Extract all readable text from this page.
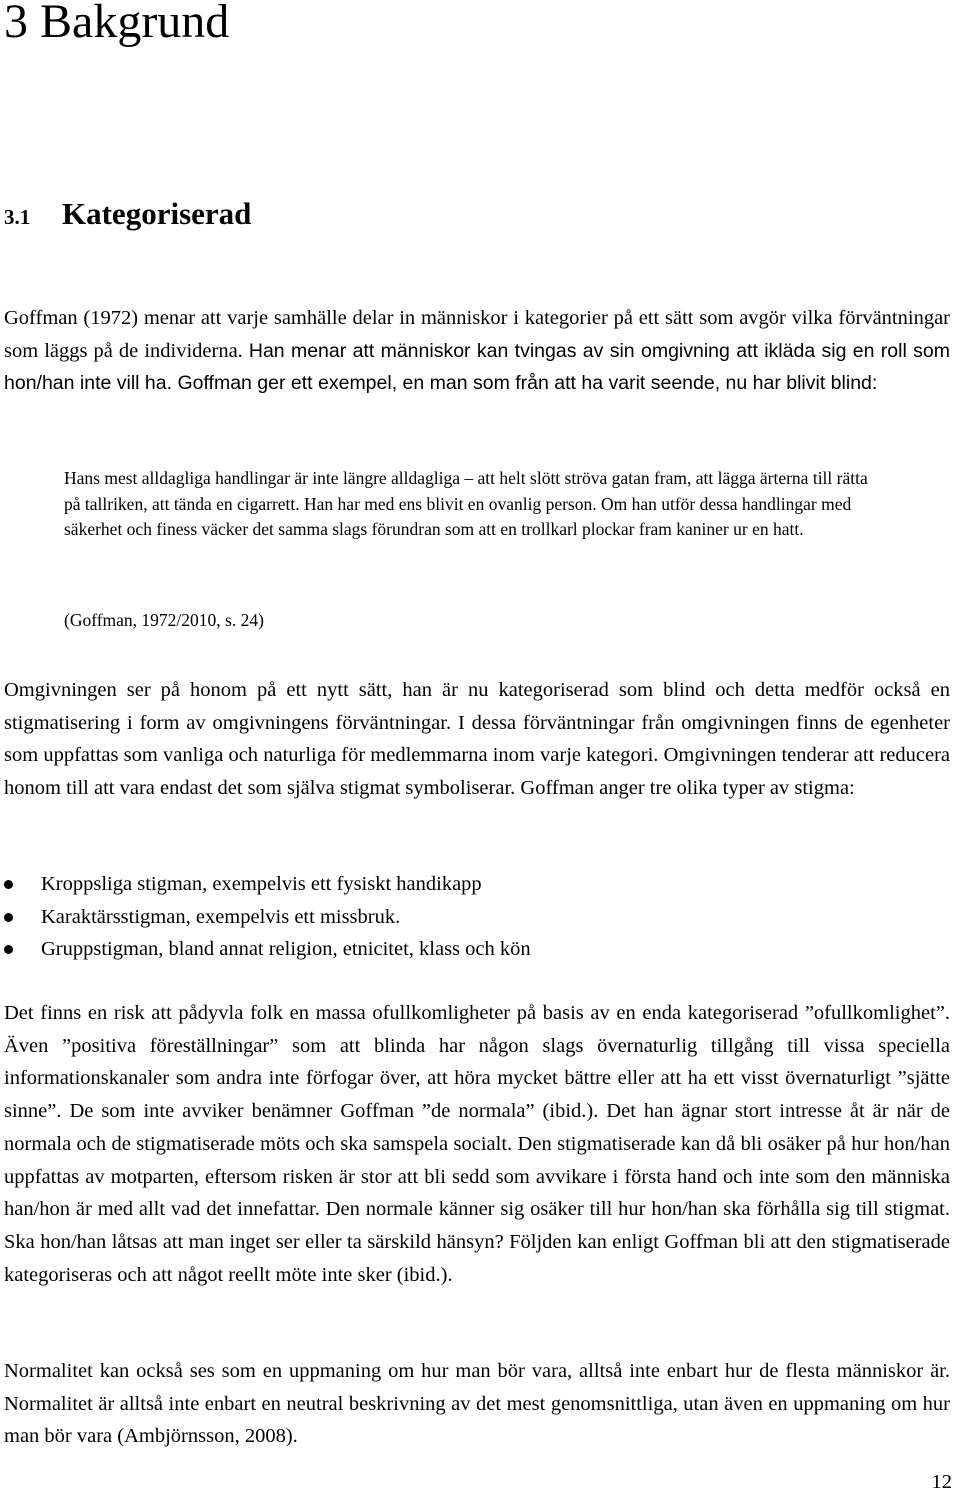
3 Bakgrund
3.1 Kategoriserad
Goffman (1972) menar att varje samhälle delar in människor i kategorier på ett sätt som avgör vilka förväntningar som läggs på de individerna. Han menar att människor kan tvingas av sin omgivning att ikläda sig en roll som hon/han inte vill ha. Goffman ger ett exempel, en man som från att ha varit seende, nu har blivit blind:
Hans mest alldagliga handlingar är inte längre alldagliga – att helt slött ströva gatan fram, att lägga ärterna till rätta på tallriken, att tända en cigarrett. Han har med ens blivit en ovanlig person. Om han utför dessa handlingar med säkerhet och finess väcker det samma slags förundran som att en trollkarl plockar fram kaniner ur en hatt.
(Goffman, 1972/2010, s. 24)
Omgivningen ser på honom på ett nytt sätt, han är nu kategoriserad som blind och detta medför också en stigmatisering i form av omgivningens förväntningar. I dessa förväntningar från omgivningen finns de egenheter som uppfattas som vanliga och naturliga för medlemmarna inom varje kategori. Omgivningen tenderar att reducera honom till att vara endast det som själva stigmat symboliserar. Goffman anger tre olika typer av stigma:
Kroppsliga stigman, exempelvis ett fysiskt handikapp
Karaktärsstigman, exempelvis ett missbruk.
Gruppstigman, bland annat religion, etnicitet, klass och kön
Det finns en risk att pådyvla folk en massa ofullkomligheter på basis av en enda kategoriserad ”ofullkomlighet”. Även ”positiva föreställningar” som att blinda har någon slags övernaturlig tillgång till vissa speciella informationskanaler som andra inte förfogar över, att höra mycket bättre eller att ha ett visst övernaturligt ”sjätte sinne”. De som inte avviker benämner Goffman ”de normala” (ibid.). Det han ägnar stort intresse åt är när de normala och de stigmatiserade möts och ska samspela socialt. Den stigmatiserade kan då bli osäker på hur hon/han uppfattas av motparten, eftersom risken är stor att bli sedd som avvikare i första hand och inte som den människa han/hon är med allt vad det innefattar. Den normale känner sig osäker till hur hon/han ska förhålla sig till stigmat. Ska hon/han låtsas att man inget ser eller ta särskild hänsyn? Följden kan enligt Goffman bli att den stigmatiserade kategoriseras och att något reellt möte inte sker (ibid.).
Normalitet kan också ses som en uppmaning om hur man bör vara, alltså inte enbart hur de flesta människor är. Normalitet är alltså inte enbart en neutral beskrivning av det mest genomsnittliga, utan även en uppmaning om hur man bör vara (Ambjörnsson, 2008).
12
